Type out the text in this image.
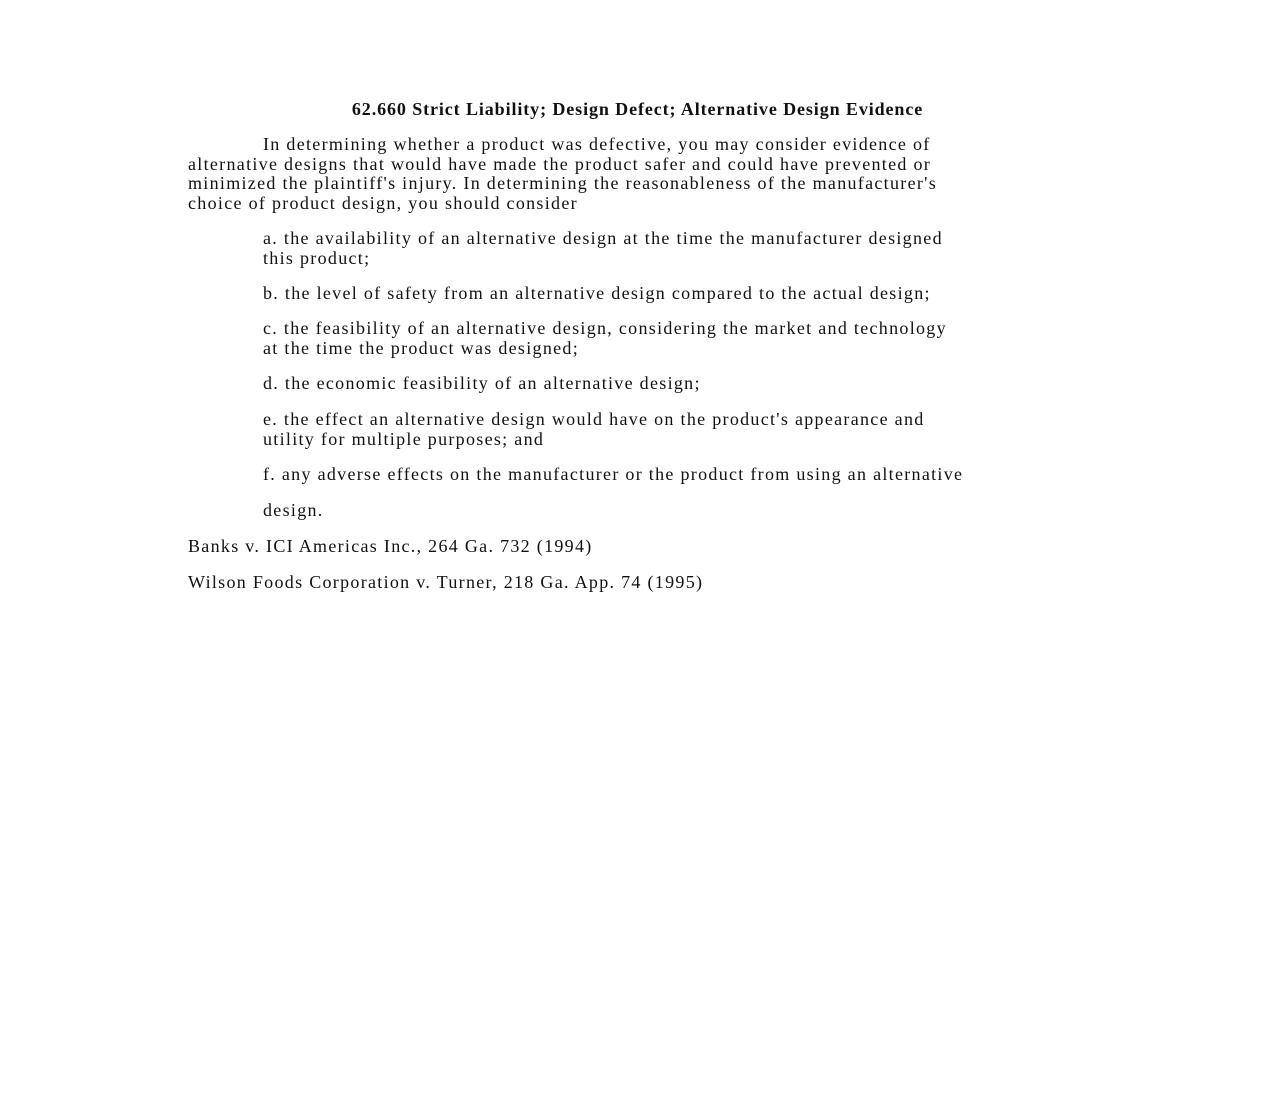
62.660 Strict Liability; Design Defect; Alternative Design Evidence
In determining whether a product was defective, you may consider evidence of
alternative designs that would have made the product safer and could have prevented or
minimized the plaintiff's injury. In determining the reasonableness of the manufacturer's
choice of product design, you should consider
a. the availability of an alternative design at the time the manufacturer designed
this product;
b. the level of safety from an alternative design compared to the actual design;
c. the feasibility of an alternative design, considering the market and technology
at the time the product was designed;
d. the economic feasibility of an alternative design;
e. the effect an alternative design would have on the product's appearance and
utility for multiple purposes; and
f. any adverse effects on the manufacturer or the product from using an alternative
design.
Banks v. ICI Americas Inc., 264 Ga. 732 (1994)
Wilson Foods Corporation v. Turner, 218 Ga. App. 74 (1995)
